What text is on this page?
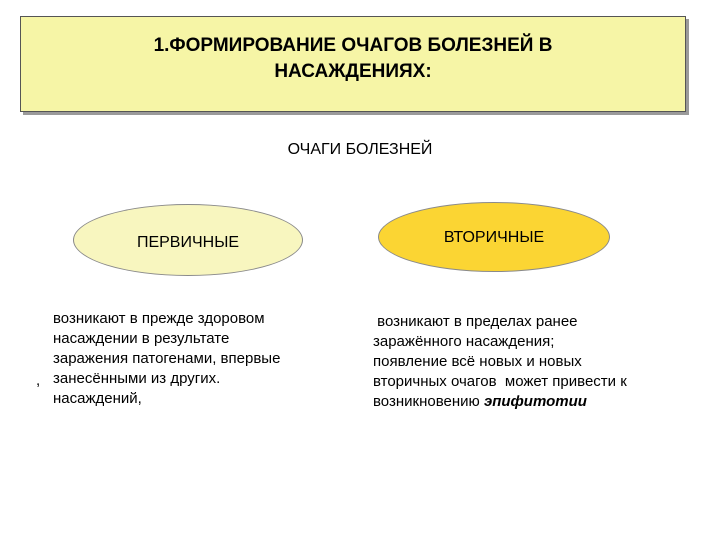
1.ФОРМИРОВАНИЕ ОЧАГОВ БОЛЕЗНЕЙ В
НАСАЖДЕНИЯХ:
ОЧАГИ БОЛЕЗНЕЙ
ПЕРВИЧНЫЕ	ВТОРИЧНЫЕ
,
возникают в прежде здоровом
насаждении в результате
заражения патогенами, впервые
занесёнными из других.
насаждений,
возникают в пределах ранее
заражённого насаждения;
появление всё новых и новых
вторичных очагов  может привести к
возникновению эпифитотии
